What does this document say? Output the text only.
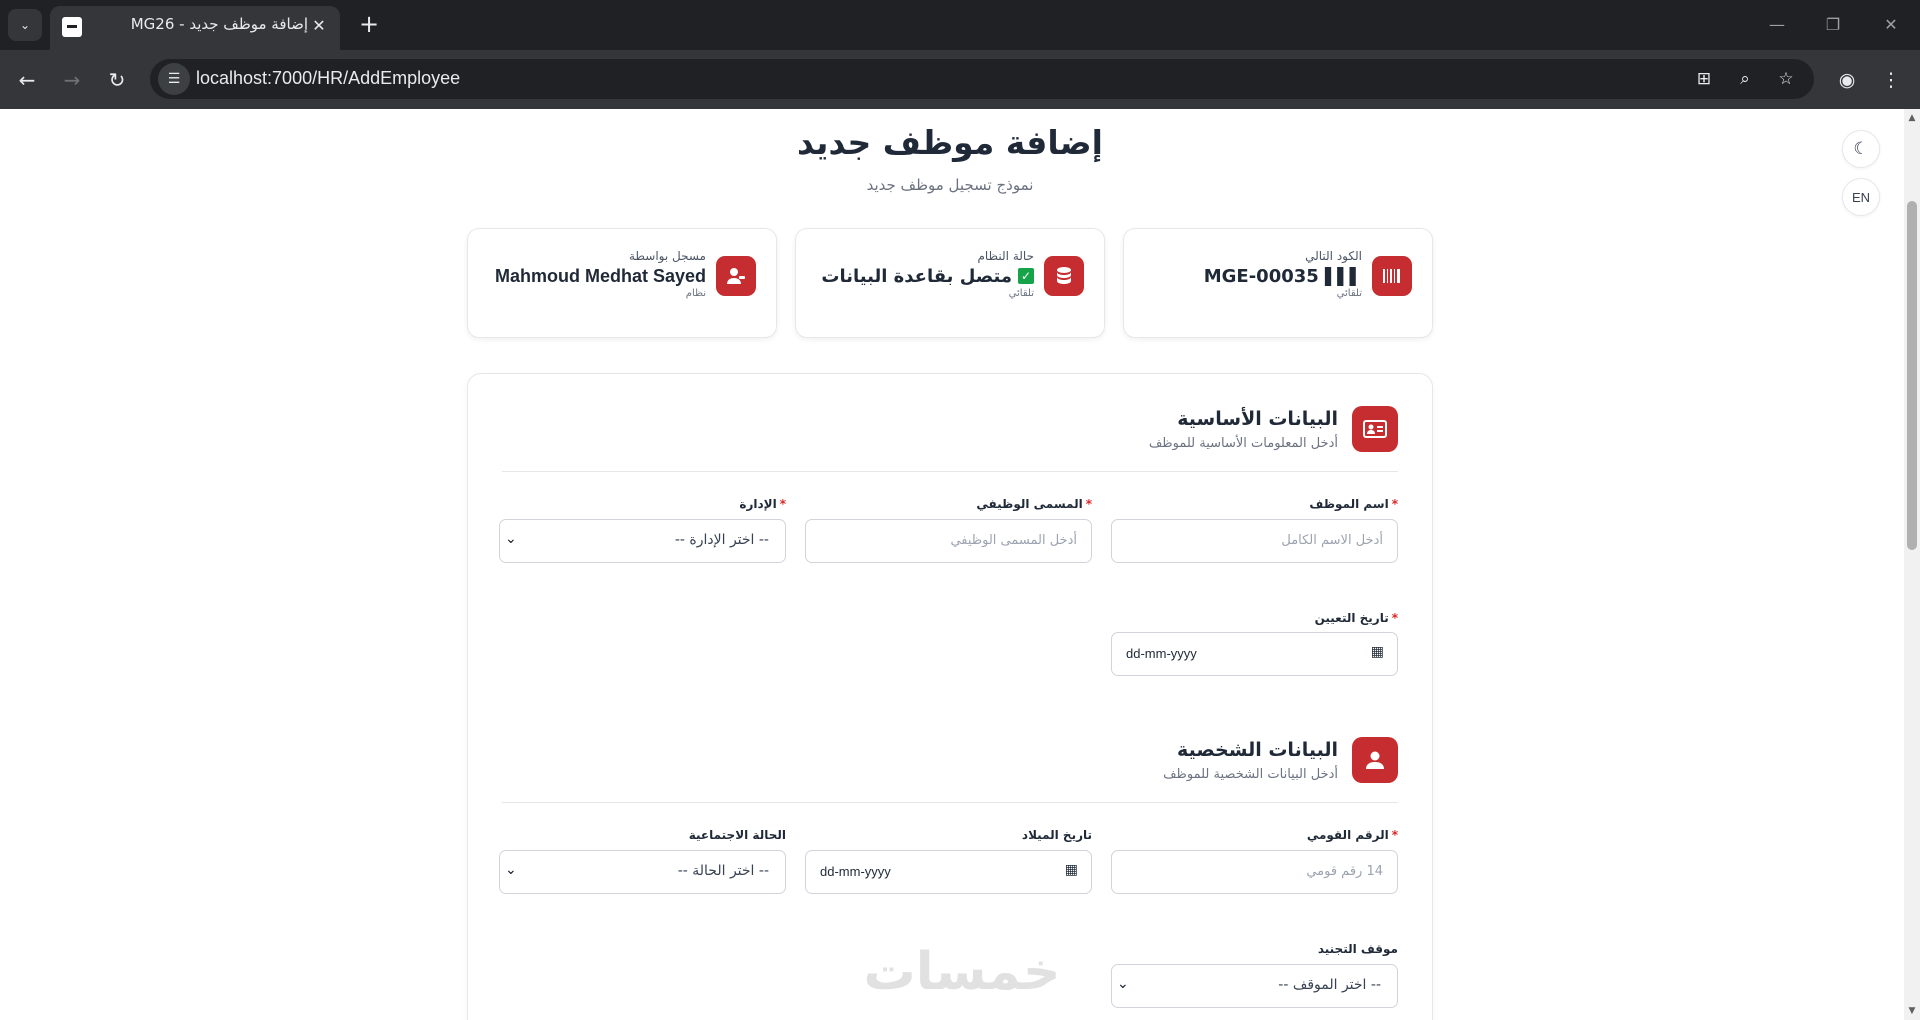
⌄	إضافة موظف جديد - MG26 ✕ +	—	❐	✕
←	→	↻	☰ localhost:7000/HR/AddEmployee	⊞	⌕	☆	◉	⋮
☾
EN
إضافة موظف جديد
نموذج تسجيل موظف جديد
الكود التالي
▌▌▌ MGE-00035
تلقائي
حالة النظام
✓متصل بقاعدة البيانات
تلقائي
مسجل بواسطة
Mahmoud Medhat Sayed
نظام
البيانات الأساسية
أدخل المعلومات الأساسية للموظف
*اسم الموظف
أدخل الاسم الكامل
*المسمى الوظيفي
أدخل المسمى الوظيفي
*الإدارة
-- اختر الإدارة --
⌄
*تاريخ التعيين
dd-mm-yyyy	▦
البيانات الشخصية
أدخل البيانات الشخصية للموظف
*الرقم القومي
14 رقم قومي
تاريخ الميلاد
dd-mm-yyyy	▦
الحالة الاجتماعية
-- اختر الحالة --
⌄
موقف التجنيد
-- اختر الموقف --
⌄
خمسات
▲
▼
